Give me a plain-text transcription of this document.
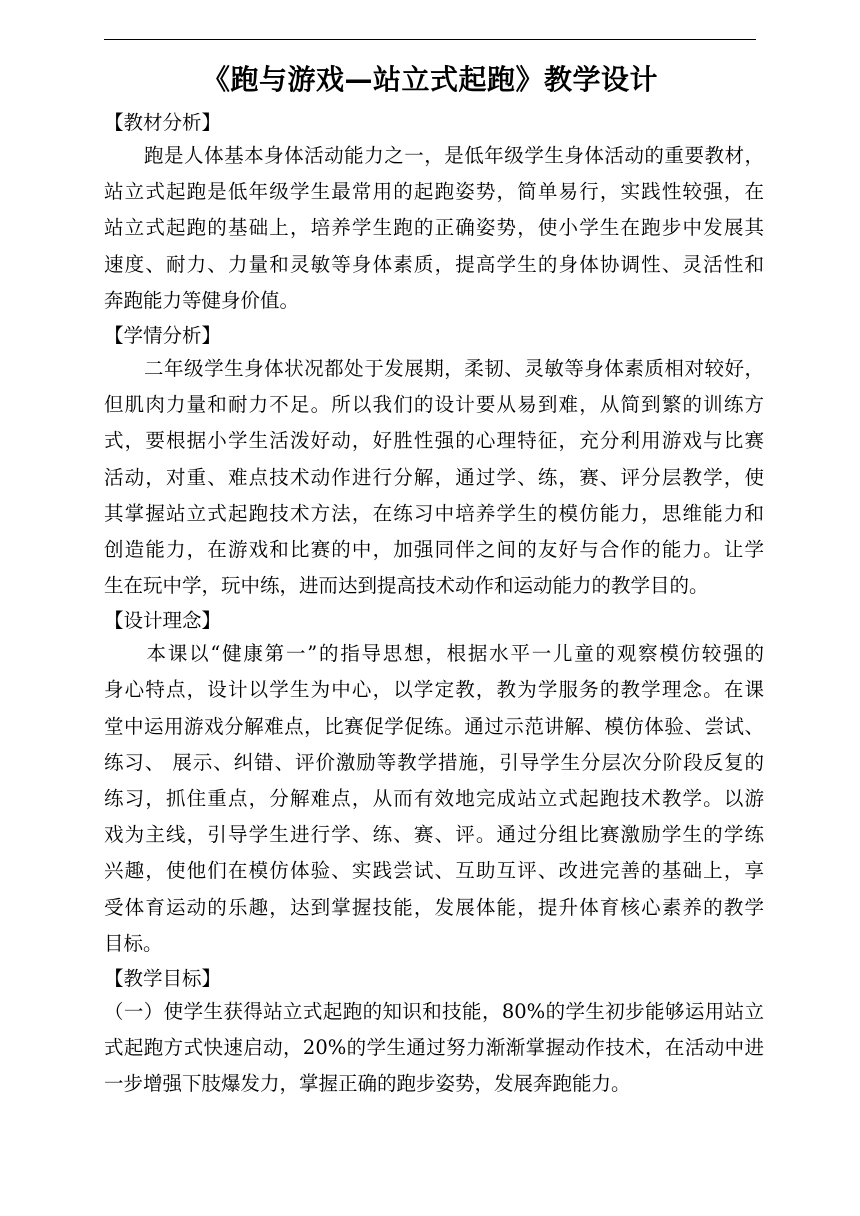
《跑与游戏—站立式起跑》教学设计
【教材分析】
　　跑是人体基本身体活动能力之一，是低年级学生身体活动的重要教材，
站立式起跑是低年级学生最常用的起跑姿势，简单易行，实践性较强，在
站立式起跑的基础上，培养学生跑的正确姿势，使小学生在跑步中发展其
速度、耐力、力量和灵敏等身体素质，提高学生的身体协调性、灵活性和
奔跑能力等健身价值。
【学情分析】
　　二年级学生身体状况都处于发展期，柔韧、灵敏等身体素质相对较好，
但肌肉力量和耐力不足。所以我们的设计要从易到难，从简到繁的训练方
式，要根据小学生活泼好动，好胜性强的心理特征，充分利用游戏与比赛
活动，对重、难点技术动作进行分解，通过学、练，赛、评分层教学，使
其掌握站立式起跑技术方法，在练习中培养学生的模仿能力，思维能力和
创造能力，在游戏和比赛的中，加强同伴之间的友好与合作的能力。让学
生在玩中学，玩中练，进而达到提高技术动作和运动能力的教学目的。
【设计理念】
　　本课以“健康第一”的指导思想，根据水平一儿童的观察模仿较强的
身心特点，设计以学生为中心，以学定教，教为学服务的教学理念。在课
堂中运用游戏分解难点，比赛促学促练。通过示范讲解、模仿体验、尝试、
练习、 展示、纠错、评价激励等教学措施，引导学生分层次分阶段反复的
练习，抓住重点，分解难点，从而有效地完成站立式起跑技术教学。以游
戏为主线，引导学生进行学、练、赛、评。通过分组比赛激励学生的学练
兴趣，使他们在模仿体验、实践尝试、互助互评、改进完善的基础上，享
受体育运动的乐趣，达到掌握技能，发展体能，提升体育核心素养的教学
目标。
【教学目标】
（一）使学生获得站立式起跑的知识和技能，80%的学生初步能够运用站立
式起跑方式快速启动，20%的学生通过努力渐渐掌握动作技术，在活动中进
一步增强下肢爆发力，掌握正确的跑步姿势，发展奔跑能力。
